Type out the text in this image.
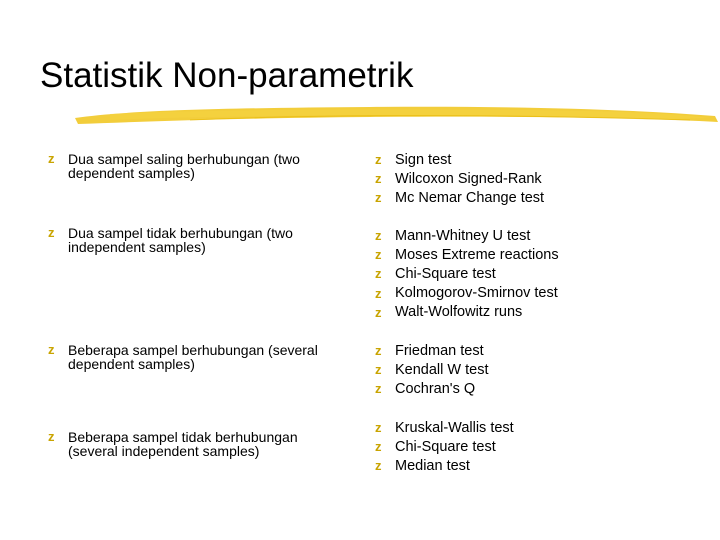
Statistik Non-parametrik
z Dua sampel saling berhubungan (two dependent samples)
z Sign test
z Wilcoxon Signed-Rank
z Mc Nemar Change test
z Dua sampel tidak berhubungan (two independent samples)
z Mann-Whitney U test
z Moses Extreme reactions
z Chi-Square test
z Kolmogorov-Smirnov test
z Walt-Wolfowitz runs
z Beberapa sampel berhubungan (several dependent samples)
z Friedman test
z Kendall W test
z Cochran's Q
z Beberapa sampel tidak berhubungan (several independent samples)
z Kruskal-Wallis test
z Chi-Square test
z Median test
